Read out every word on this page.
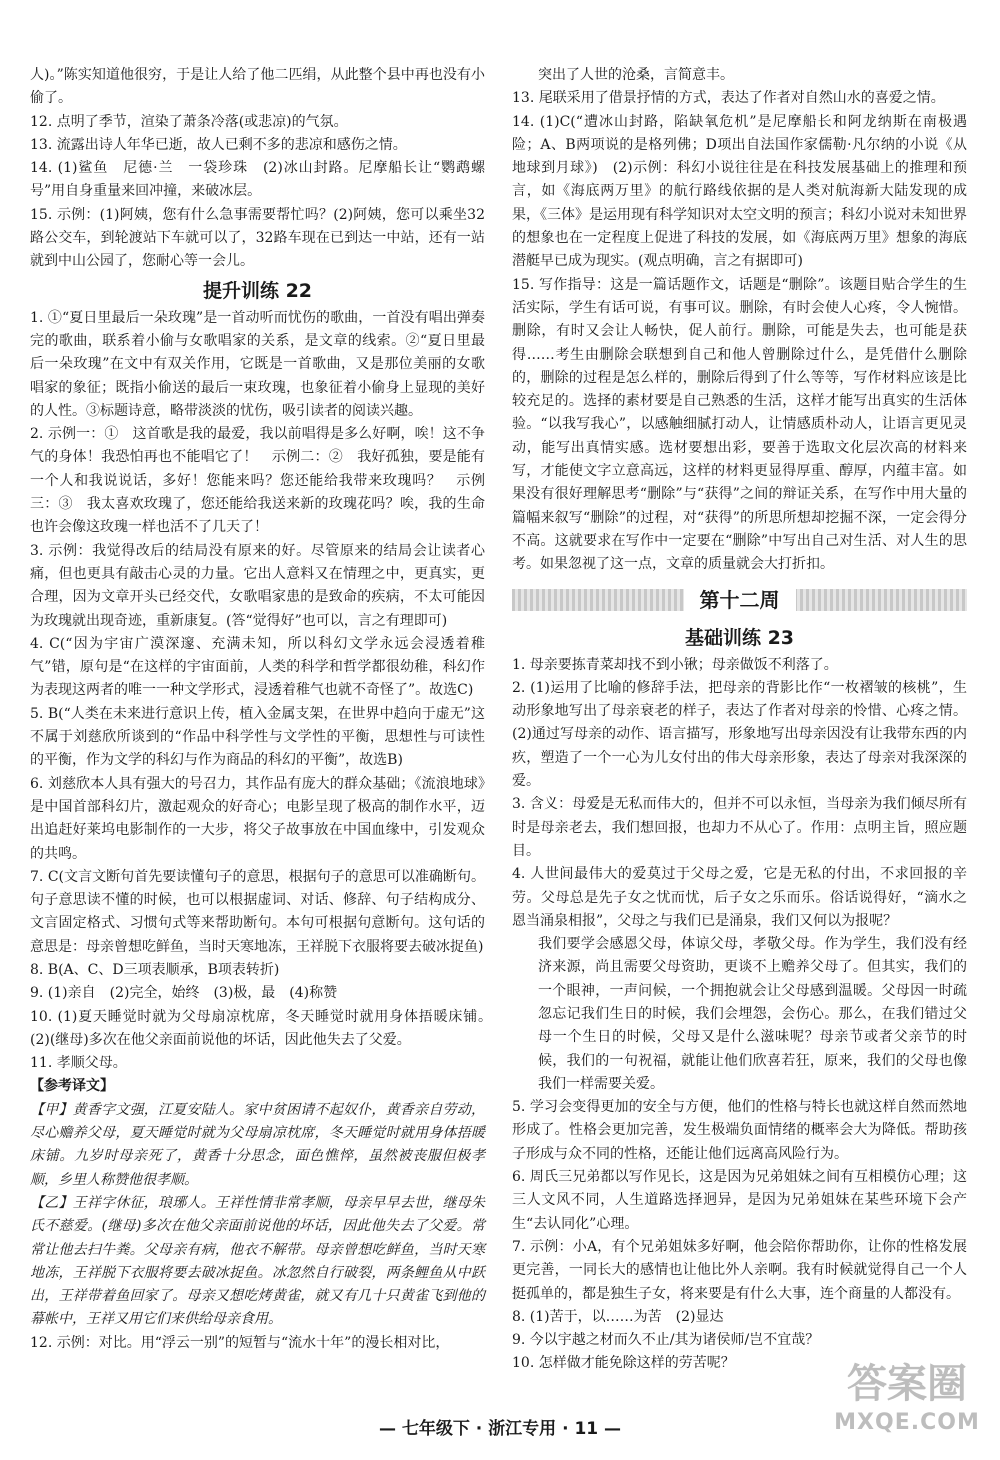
人)。”陈实知道他很穷，于是让人给了他二匹绢，从此整个县中再也没有小偷了。

12. 点明了季节，渲染了萧条冷落(或悲凉)的气氛。

13. 流露出诗人年华已逝，故人已剩不多的悲凉和感伤之情。

14. (1)鲨鱼　尼德·兰　一袋珍珠　(2)冰山封路。尼摩船长让“鹦鹉螺号”用自身重量来回冲撞，来破冰层。

15. 示例：(1)阿姨，您有什么急事需要帮忙吗？(2)阿姨，您可以乘坐32路公交车，到轮渡站下车就可以了，32路车现在已到达一中站，还有一站就到中山公园了，您耐心等一会儿。

提升训练 22

1. ①“夏日里最后一朵玫瑰”是一首动听而忧伤的歌曲，一首没有唱出弹奏完的歌曲，联系着小偷与女歌唱家的关系，是文章的线索。②“夏日里最后一朵玫瑰”在文中有双关作用，它既是一首歌曲，又是那位美丽的女歌唱家的象征；既指小偷送的最后一束玫瑰，也象征着小偷身上显现的美好的人性。③标题诗意，略带淡淡的忧伤，吸引读者的阅读兴趣。

2. 示例一：①　这首歌是我的最爱，我以前唱得是多么好啊，唉！这不争气的身体！我恐怕再也不能唱它了！　示例二：②　我好孤独，要是能有一个人和我说说话，多好！您能来吗？您还能给我带来玫瑰吗？　示例三：③　我太喜欢玫瑰了，您还能给我送来新的玫瑰花吗？唉，我的生命也许会像这玫瑰一样也活不了几天了！

3. 示例：我觉得改后的结局没有原来的好。尽管原来的结局会让读者心痛，但也更具有敲击心灵的力量。它出人意料又在情理之中，更真实，更合理，因为文章开头已经交代，女歌唱家患的是致命的疾病，不太可能因为玫瑰就出现奇迹，重新康复。(答“觉得好”也可以，言之有理即可)

4. C(“因为宇宙广漠深邃、充满未知，所以科幻文学永远会浸透着稚气”错，原句是“在这样的宇宙面前，人类的科学和哲学都很幼稚，科幻作为表现这两者的唯一一种文学形式，浸透着稚气也就不奇怪了”。故选C)

5. B(“人类在未来进行意识上传，植入金属支架，在世界中趋向于虚无”这不属于刘慈欣所谈到的“作品中科学性与文学性的平衡，思想性与可读性的平衡，作为文学的科幻与作为商品的科幻的平衡”，故选B)

6. 刘慈欣本人具有强大的号召力，其作品有庞大的群众基础；《流浪地球》是中国首部科幻片，激起观众的好奇心；电影呈现了极高的制作水平，迈出追赶好莱坞电影制作的一大步，将父子故事放在中国血缘中，引发观众的共鸣。

7. C(文言文断句首先要读懂句子的意思，根据句子的意思可以准确断句。句子意思读不懂的时候，也可以根据虚词、对话、修辞、句子结构成分、文言固定格式、习惯句式等来帮助断句。本句可根据句意断句。这句话的意思是：母亲曾想吃鲜鱼，当时天寒地冻，王祥脱下衣服将要去破冰捉鱼)

8. B(A、C、D三项表顺承，B项表转折)

9. (1)亲自　(2)完全，始终　(3)极，最　(4)称赞

10. (1)夏天睡觉时就为父母扇凉枕席，冬天睡觉时就用身体捂暖床铺。　(2)(继母)多次在他父亲面前说他的坏话，因此他失去了父爱。

11. 孝顺父母。

【参考译文】

【甲】黄香字文强，江夏安陆人。家中贫困请不起奴仆，黄香亲自劳动，尽心赡养父母，夏天睡觉时就为父母扇凉枕席，冬天睡觉时就用身体捂暖床铺。九岁时母亲死了，黄香十分思念，面色憔悴，虽然被丧服但极孝顺，乡里人称赞他很孝顺。

【乙】王祥字休征，琅琊人。王祥性情非常孝顺，母亲早早去世，继母朱氏不慈爱。(继母)多次在他父亲面前说他的坏话，因此他失去了父爱。常常让他去扫牛粪。父母亲有病，他衣不解带。母亲曾想吃鲜鱼，当时天寒地冻，王祥脱下衣服将要去破冰捉鱼。冰忽然自行破裂，两条鲤鱼从中跃出，王祥带着鱼回家了。母亲又想吃烤黄雀，就又有几十只黄雀飞到他的幕帐中，王祥又用它们来供给母亲食用。

12. 示例：对比。用“浮云一别”的短暂与“流水十年”的漫长相对比，

突出了人世的沧桑，言简意丰。

13. 尾联采用了借景抒情的方式，表达了作者对自然山水的喜爱之情。

14. (1)C(“遭冰山封路，陷缺氧危机”是尼摩船长和阿龙纳斯在南极遇险；A、B两项说的是格列佛；D项出自法国作家儒勒·凡尔纳的小说《从地球到月球》)　(2)示例：科幻小说往往是在科技发展基础上的推理和预言，如《海底两万里》的航行路线依据的是人类对航海新大陆发现的成果，《三体》是运用现有科学知识对太空文明的预言；科幻小说对未知世界的想象也在一定程度上促进了科技的发展，如《海底两万里》想象的海底潜艇早已成为现实。(观点明确，言之有据即可)

15. 写作指导：这是一篇话题作文，话题是“删除”。该题目贴合学生的生活实际，学生有话可说，有事可议。删除，有时会使人心疼，令人惋惜。删除，有时又会让人畅快，促人前行。删除，可能是失去，也可能是获得……考生由删除会联想到自己和他人曾删除过什么，是凭借什么删除的，删除的过程是怎么样的，删除后得到了什么等等，写作材料应该是比较充足的。选择的素材要是自己熟悉的生活，这样才能写出真实的生活体验。“以我写我心”，以感触细腻打动人，让情感质朴动人，让语言更见灵动，能写出真情实感。选材要想出彩，要善于选取文化层次高的材料来写，才能使文字立意高远，这样的材料更显得厚重、醇厚，内蕴丰富。如果没有很好理解思考“删除”与“获得”之间的辩证关系，在写作中用大量的篇幅来叙写“删除”的过程，对“获得”的所思所想却挖掘不深，一定会得分不高。这就要求在写作中一定要在“删除”中写出自己对生活、对人生的思考。如果忽视了这一点，文章的质量就会大打折扣。

第十二周
基础训练 23

1. 母亲要拣青菜却找不到小锹；母亲做饭不利落了。

2. (1)运用了比喻的修辞手法，把母亲的背影比作“一枚褶皱的核桃”，生动形象地写出了母亲衰老的样子，表达了作者对母亲的怜惜、心疼之情。(2)通过写母亲的动作、语言描写，形象地写出母亲因没有让我带东西的内疚，塑造了一个一心为儿女付出的伟大母亲形象，表达了母亲对我深深的爱。

3. 含义：母爱是无私而伟大的，但并不可以永恒，当母亲为我们倾尽所有时是母亲老去，我们想回报，也却力不从心了。作用：点明主旨，照应题目。

4. 人世间最伟大的爱莫过于父母之爱，它是无私的付出，不求回报的辛劳。父母总是先子女之忧而忧，后子女之乐而乐。俗话说得好，“滴水之恩当涌泉相报”，父母之与我们已是涌泉，我们又何以为报呢？

我们要学会感恩父母，体谅父母，孝敬父母。作为学生，我们没有经济来源，尚且需要父母资助，更谈不上赡养父母了。但其实，我们的一个眼神，一声问候，一个拥抱就会让父母感到温暖。父母因一时疏忽忘记我们生日的时候，我们会埋怨，会伤心。那么，在我们错过父母一个生日的时候，父母又是什么滋味呢？母亲节或者父亲节的时候，我们的一句祝福，就能让他们欣喜若狂，原来，我们的父母也像我们一样需要关爱。

5. 学习会变得更加的安全与方便，他们的性格与特长也就这样自然而然地形成了。性格会更加完善，发生极端负面情绪的概率会大为降低。帮助孩子形成与众不同的性格，还能让他们远离高风险行为。

6. 周氏三兄弟都以写作见长，这是因为兄弟姐妹之间有互相模仿心理；这三人文风不同，人生道路选择迥异，是因为兄弟姐妹在某些环境下会产生“去认同化”心理。

7. 示例：小A，有个兄弟姐妹多好啊，他会陪你帮助你，让你的性格发展更完善，一同长大的感情也让他比外人亲啊。我有时候就觉得自己一个人挺孤单的，都是独生子女，将来要是有什么大事，连个商量的人都没有。

8. (1)苦于，以……为苦　(2)显达

9. 今以宇越之材而久不止/其为诸侯师/岂不宜哉？

10. 怎样做才能免除这样的劳苦呢？

— 七年级下 · 浙江专用 · 11 —
答案圈
MXQE.COM
